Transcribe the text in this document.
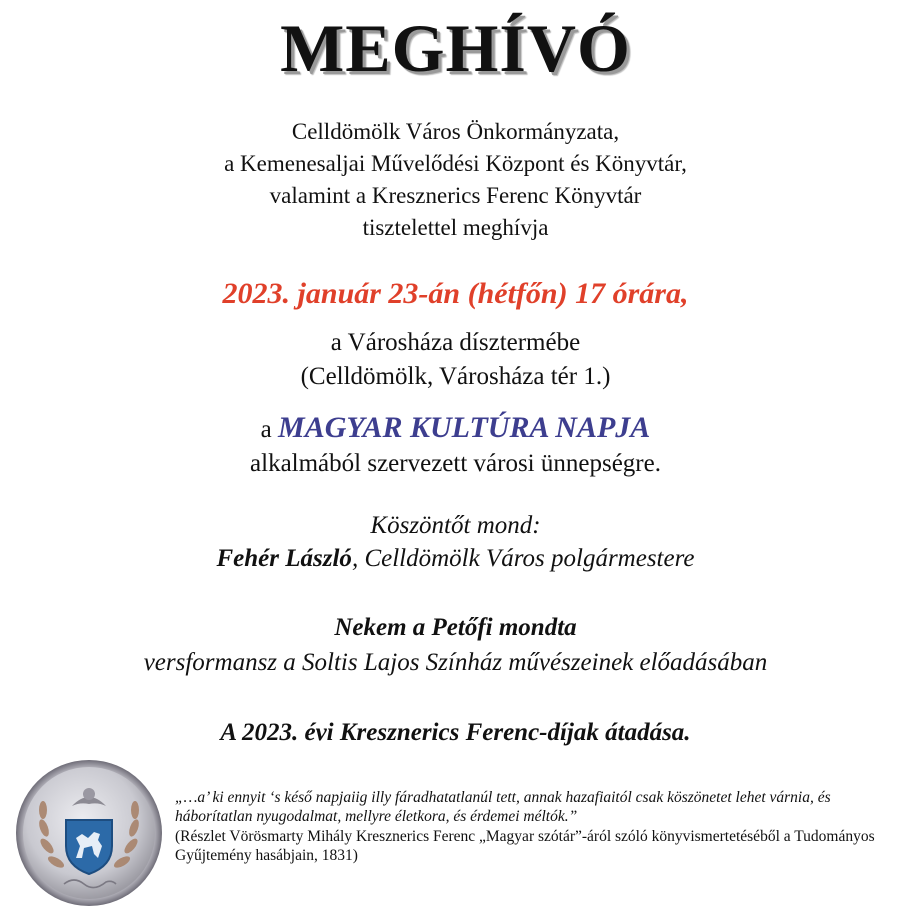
MEGHÍVÓ
Celldömölk Város Önkormányzata,
a Kemenesaljai Művelődési Központ és Könyvtár,
valamint a Kresznerics Ferenc Könyvtár
tisztelettel meghívja
2023. január 23-án (hétfőn) 17 órára,
a Városháza dísztermébe
(Celldömölk, Városháza tér 1.)
a MAGYAR KULTÚRA NAPJA
alkalmából szervezett városi ünnepségre.
Köszöntőt mond:
Fehér László, Celldömölk Város polgármestere
Nekem a Petőfi mondta
versformansz a Soltis Lajos Színház művészeinek előadásában
A 2023. évi Kresznerics Ferenc-díjak átadása.
„…a’ ki ennyit ‘s késő napjaiig illy fáradhatatlanúl tett, annak hazafiaitól csak köszönetet lehet várnia, és háborítatlan nyugodalmat, mellyre életkora, és érdemei méltók.”
(Részlet Vörösmarty Mihály Kresznerics Ferenc „Magyar szótár”-áról szóló könyvismertetéséből a Tudományos Gyűjtemény hasábjain, 1831)
